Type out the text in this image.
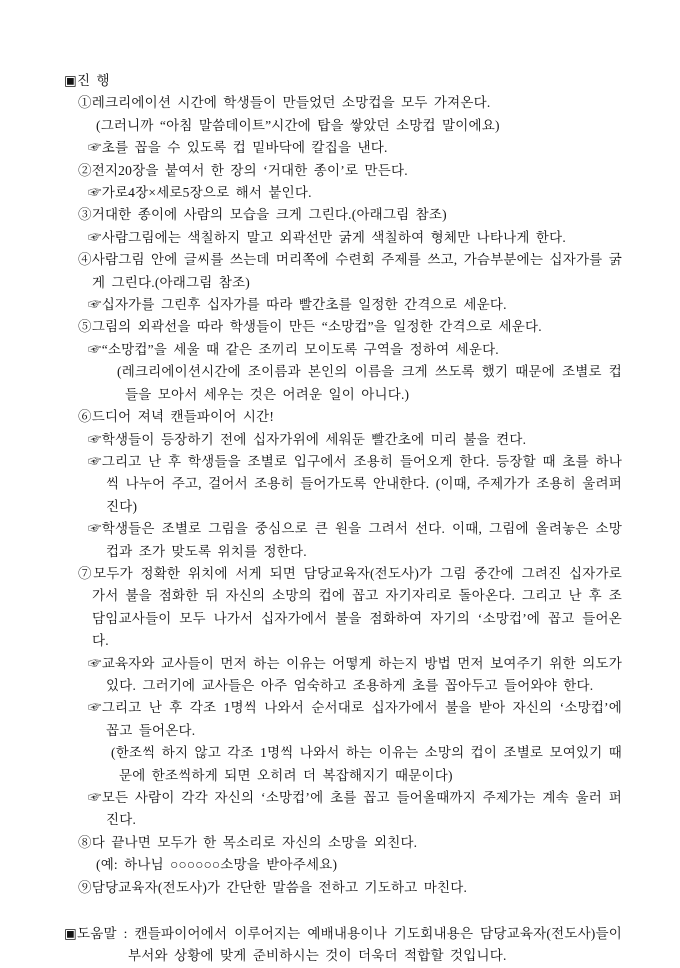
▣진 행
①레크리에이션 시간에 학생들이 만들었던 소망컵을 모두 가져온다.
(그러니까 “아침 말씀데이트”시간에 탑을 쌓았던 소망컵 말이에요)
☞초를 꼽을 수 있도록 컵 밑바닥에 칼집을 낸다.
②전지20장을 붙여서 한 장의 ‘거대한 종이’로 만든다.
☞가로4장×세로5장으로 해서 붙인다.
③거대한 종이에 사람의 모습을 크게 그린다.(아래그림 참조)
☞사람그림에는 색칠하지 말고 외곽선만 굵게 색칠하여 형체만 나타나게 한다.
④사람그림 안에 글씨를 쓰는데 머리쪽에 수련회 주제를 쓰고, 가슴부분에는 십자가를 굵게 그린다.(아래그림 참조)
☞십자가를 그린후 십자가를 따라 빨간초를 일정한 간격으로 세운다.
⑤그림의 외곽선을 따라 학생들이 만든 “소망컵”을 일정한 간격으로 세운다.
☞“소망컵”을 세울 때 같은 조끼리 모이도록 구역을 정하여 세운다.
(레크리에이션시간에 조이름과 본인의 이름을 크게 쓰도록 했기 때문에 조별로 컵들을 모아서 세우는 것은 어려운 일이 아니다.)
⑥드디어 져녁 캔들파이어 시간!
☞학생들이 등장하기 전에 십자가위에 세워둔 빨간초에 미리 불을 켠다.
☞그리고 난 후 학생들을 조별로 입구에서 조용히 들어오게 한다. 등장할 때 초를 하나씩 나누어 주고, 걸어서 조용히 들어가도록 안내한다. (이때, 주제가가 조용히 울려퍼진다)
☞학생들은 조별로 그림을 중심으로 큰 원을 그려서 선다. 이때, 그림에 올려놓은 소망컵과 조가 맞도록 위치를 정한다.
⑦모두가 정확한 위치에 서게 되면 담당교육자(전도사)가 그림 중간에 그려진 십자가로 가서 불을 점화한 뒤 자신의 소망의 컵에 꼽고 자기자리로 돌아온다. 그리고 난 후 조 담임교사들이 모두 나가서 십자가에서 불을 점화하여 자기의 ‘소망컵’에 꼽고 들어온다.
☞교육자와 교사들이 먼저 하는 이유는 어떻게 하는지 방법 먼저 보여주기 위한 의도가 있다. 그러기에 교사들은 아주 엄숙하고 조용하게 초를 꼽아두고 들어와야 한다.
☞그리고 난 후 각조 1명씩 나와서 순서대로 십자가에서 불을 받아 자신의 ‘소망컵’에 꼽고 들어온다.
(한조씩 하지 않고 각조 1명씩 나와서 하는 이유는 소망의 컵이 조별로 모여있기 때문에 한조씩하게 되면 오히려 더 복잡해지기 때문이다)
☞모든 사람이 각각 자신의 ‘소망컵’에 초를 꼽고 들어올때까지 주제가는 계속 울러 퍼진다.
⑧다 끝나면 모두가 한 목소리로 자신의 소망을 외친다.
(예: 하나님 ○○○○○○소망을 받아주세요)
⑨담당교육자(전도사)가 간단한 말씀을 전하고 기도하고 마친다.
▣도움말 : 캔들파이어에서 이루어지는 예배내용이나 기도회내용은 담당교육자(전도사)들이 부서와 상황에 맞게 준비하시는 것이 더욱더 적합할 것입니다.
